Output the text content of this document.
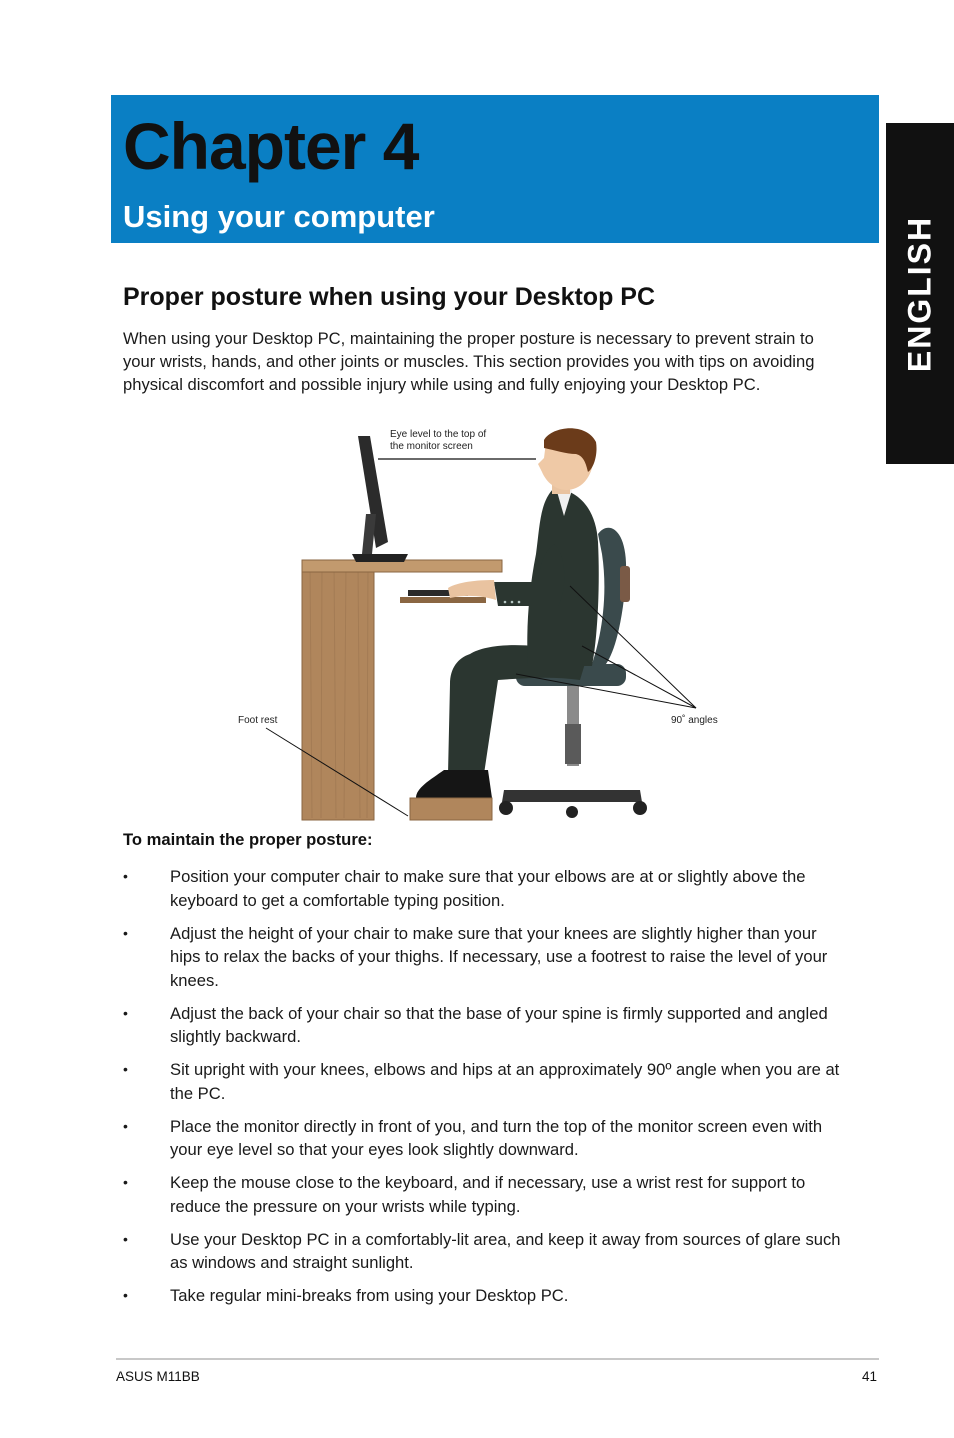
Chapter 4
Using your computer	ENGLISH
Proper posture when using your Desktop PC

When using your Desktop PC, maintaining the proper posture is necessary to prevent strain to your wrists, hands, and other joints or muscles. This section provides you with tips on avoiding physical discomfort and possible injury while using and fully enjoying your Desktop PC.

Eye level to the top of
the monitor screen
Foot rest	90˚ angles
To maintain the proper posture:
•	Position your computer chair to make sure that your elbows are at or slightly above the keyboard to get a comfortable typing position.
•	Adjust the height of your chair to make sure that your knees are slightly higher than your hips to relax the backs of your thighs. If necessary, use a footrest to raise the level of your knees.
•	Adjust the back of your chair so that the base of your spine is firmly supported and angled slightly backward.
•	Sit upright with your knees, elbows and hips at an approximately 90º angle when you are at the PC.
•	Place the monitor directly in front of you, and turn the top of the monitor screen even with your eye level so that your eyes look slightly downward.
•	Keep the mouse close to the keyboard, and if necessary, use a wrist rest for support to reduce the pressure on your wrists while typing.
•	Use your Desktop PC in a comfortably-lit area, and keep it away from sources of glare such as windows and straight sunlight.
•	Take regular mini-breaks from using your Desktop PC.
ASUS M11BB	41
